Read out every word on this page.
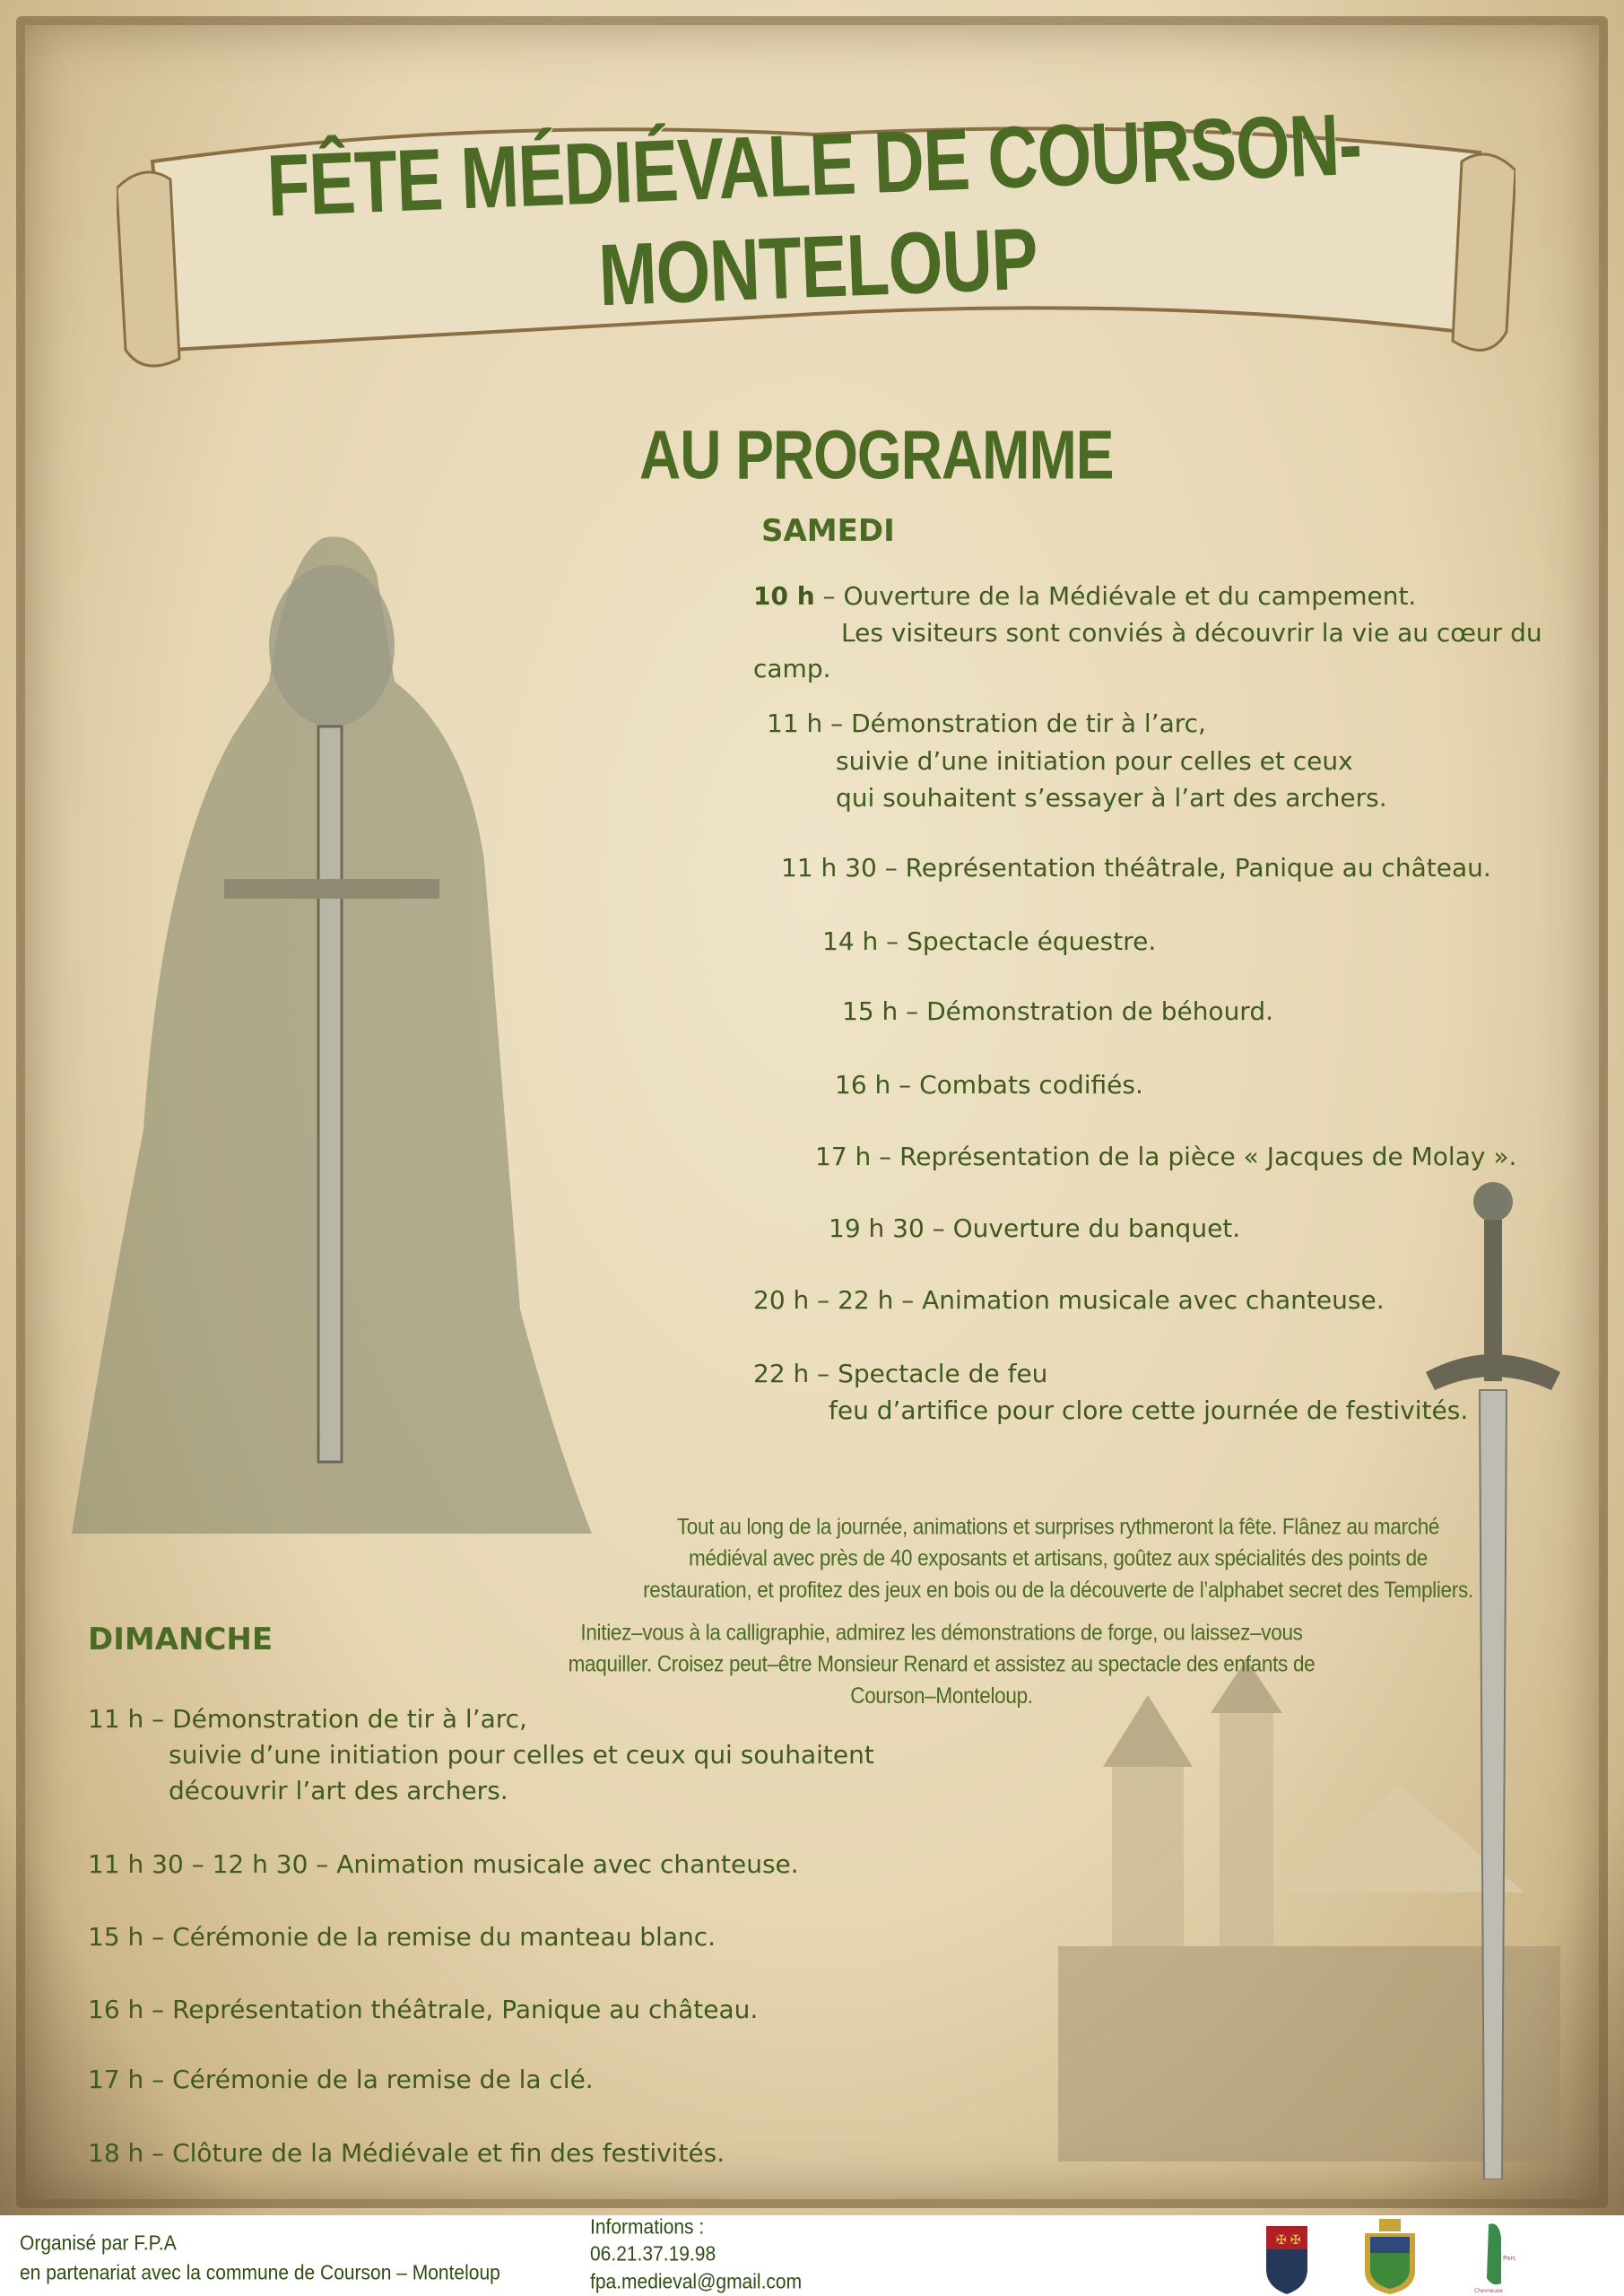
FÊTE MÉDIÉVALE DE COURSON-MONTELOUP
AU PROGRAMME
SAMEDI
10 h – Ouverture de la Médiévale et du campement.
Les visiteurs sont conviés à découvrir la vie au cœur du
camp.
11 h – Démonstration de tir à l’arc,
suivie d’une initiation pour celles et ceux
qui souhaitent s’essayer à l’art des archers.
11 h 30 – Représentation théâtrale, Panique au château.
14 h – Spectacle équestre.
15 h – Démonstration de béhourd.
16 h – Combats codifiés.
17 h – Représentation de la pièce « Jacques de Molay ».
19 h 30 – Ouverture du banquet.
20 h – 22 h – Animation musicale avec chanteuse.
22 h – Spectacle de feu
feu d’artifice pour clore cette journée de festivités.
Tout au long de la journée, animations et surprises rythmeront la fête. Flânez au marché
médiéval avec près de 40 exposants et artisans, goûtez aux spécialités des points de
restauration, et profitez des jeux en bois ou de la découverte de l’alphabet secret des Templiers.
Initiez–vous à la calligraphie, admirez les démonstrations de forge, ou laissez–vous
maquiller. Croisez peut–être Monsieur Renard et assistez au spectacle des enfants de
Courson–Monteloup.
DIMANCHE
11 h – Démonstration de tir à l’arc,
suivie d’une initiation pour celles et ceux qui souhaitent
découvrir l’art des archers.
11 h 30 – 12 h 30 – Animation musicale avec chanteuse.
15 h – Cérémonie de la remise du manteau blanc.
16 h – Représentation théâtrale, Panique au château.
17 h – Cérémonie de la remise de la clé.
18 h – Clôture de la Médiévale et fin des festivités.
Organisé par F.P.A
en partenariat avec la commune de Courson – Monteloup
Informations :
06.21.37.19.98
fpa.medieval@gmail.com
✠ ✠
Parc
Chevreuse
